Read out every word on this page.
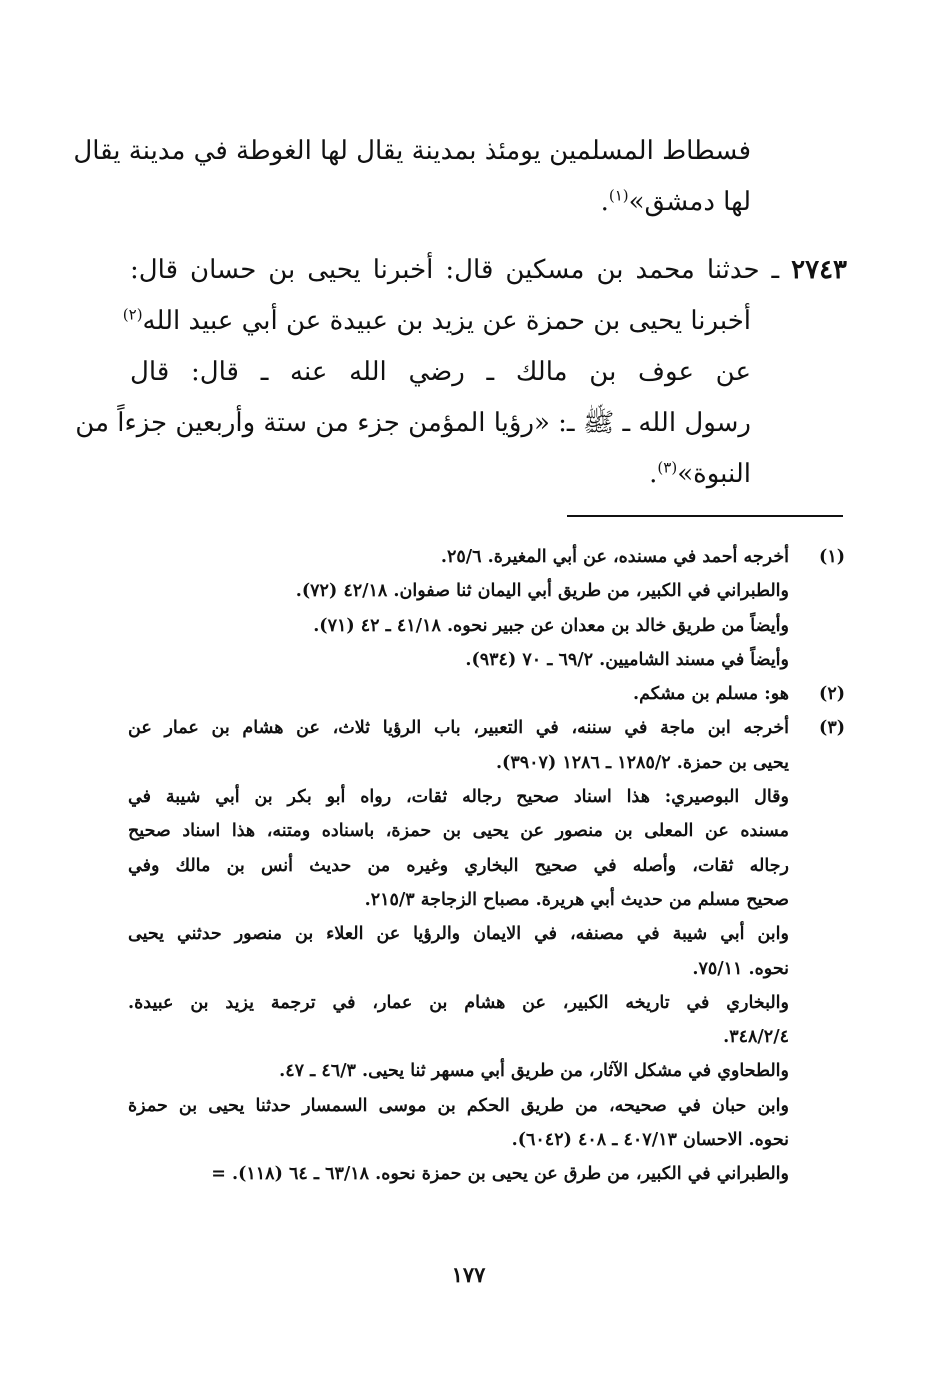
فسطاط المسلمين يومئذ بمدينة يقال لها الغوطة في مدينة يقال
لها دمشق»$^{(١)}$.
٢٧٤٣ ـ حدثنا محمد بن مسكين قال: أخبرنا يحيى بن حسان قال:
أخبرنا يحيى بن حمزة عن يزيد بن عبيدة عن أبي عبيد الله$^{(٢)}$
عن عوف بن مالك ـ رضي الله عنه ـ قال: قال
رسول الله ـ ﷺ ـ: «رؤيا المؤمن جزء من ستة وأربعين جزءاً من
النبوة»$^{(٣)}$.
(١)
أخرجه أحمد في مسنده، عن أبي المغيرة. ٢٥/٦.
والطبراني في الكبير، من طريق أبي اليمان ثنا صفوان. ٤٢/١٨ (٧٢).
وأيضاً من طريق خالد بن معدان عن جبير نحوه. ٤١/١٨ ـ ٤٢ (٧١).
وأيضاً في مسند الشاميين. ٦٩/٢ ـ ٧٠ (٩٣٤).
(٢)
هو: مسلم بن مشكم.
(٣)
أخرجه ابن ماجة في سننه، في التعبير، باب الرؤيا ثلاث، عن هشام بن عمار عن
يحيى بن حمزة. ١٢٨٥/٢ ـ ١٢٨٦ (٣٩٠٧).
وقال البوصيري: هذا اسناد صحيح رجاله ثقات، رواه أبو بكر بن أبي شيبة في
مسنده عن المعلى بن منصور عن يحيى بن حمزة، باسناده ومتنه، هذا اسناد صحيح
رجاله ثقات، وأصله في صحيح البخاري وغيره من حديث أنس بن مالك وفي
صحيح مسلم من حديث أبي هريرة. مصباح الزجاجة ٢١٥/٣.
وابن أبي شيبة في مصنفه، في الايمان والرؤيا عن العلاء بن منصور حدثني يحيى
نحوه. ٧٥/١١.
والبخاري في تاريخه الكبير، عن هشام بن عمار، في ترجمة يزيد بن عبيدة.
٣٤٨/٢/٤.
والطحاوي في مشكل الآثار، من طريق أبي مسهر ثنا يحيى. ٤٦/٣ ـ ٤٧.
وابن حبان في صحيحه، من طريق الحكم بن موسى السمسار حدثنا يحيى بن حمزة
نحوه. الاحسان ٤٠٧/١٣ ـ ٤٠٨ (٦٠٤٢).
والطبراني في الكبير، من طرق عن يحيى بن حمزة نحوه. ٦٣/١٨ ـ ٦٤ (١١٨). =
١٧٧
